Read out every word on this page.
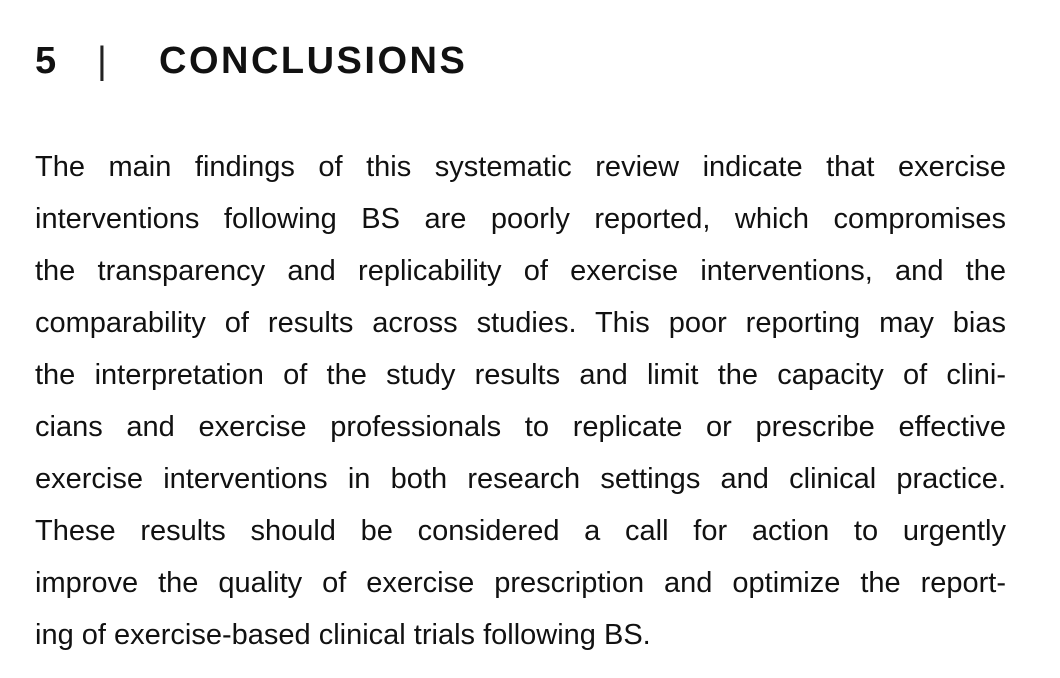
5	|	CONCLUSIONS
The main findings of this systematic review indicate that exercise
interventions following BS are poorly reported, which compromises
the transparency and replicability of exercise interventions, and the
comparability of results across studies. This poor reporting may bias
the interpretation of the study results and limit the capacity of clini-
cians and exercise professionals to replicate or prescribe effective
exercise interventions in both research settings and clinical practice.
These results should be considered a call for action to urgently
improve the quality of exercise prescription and optimize the report-
ing of exercise-based clinical trials following BS.
